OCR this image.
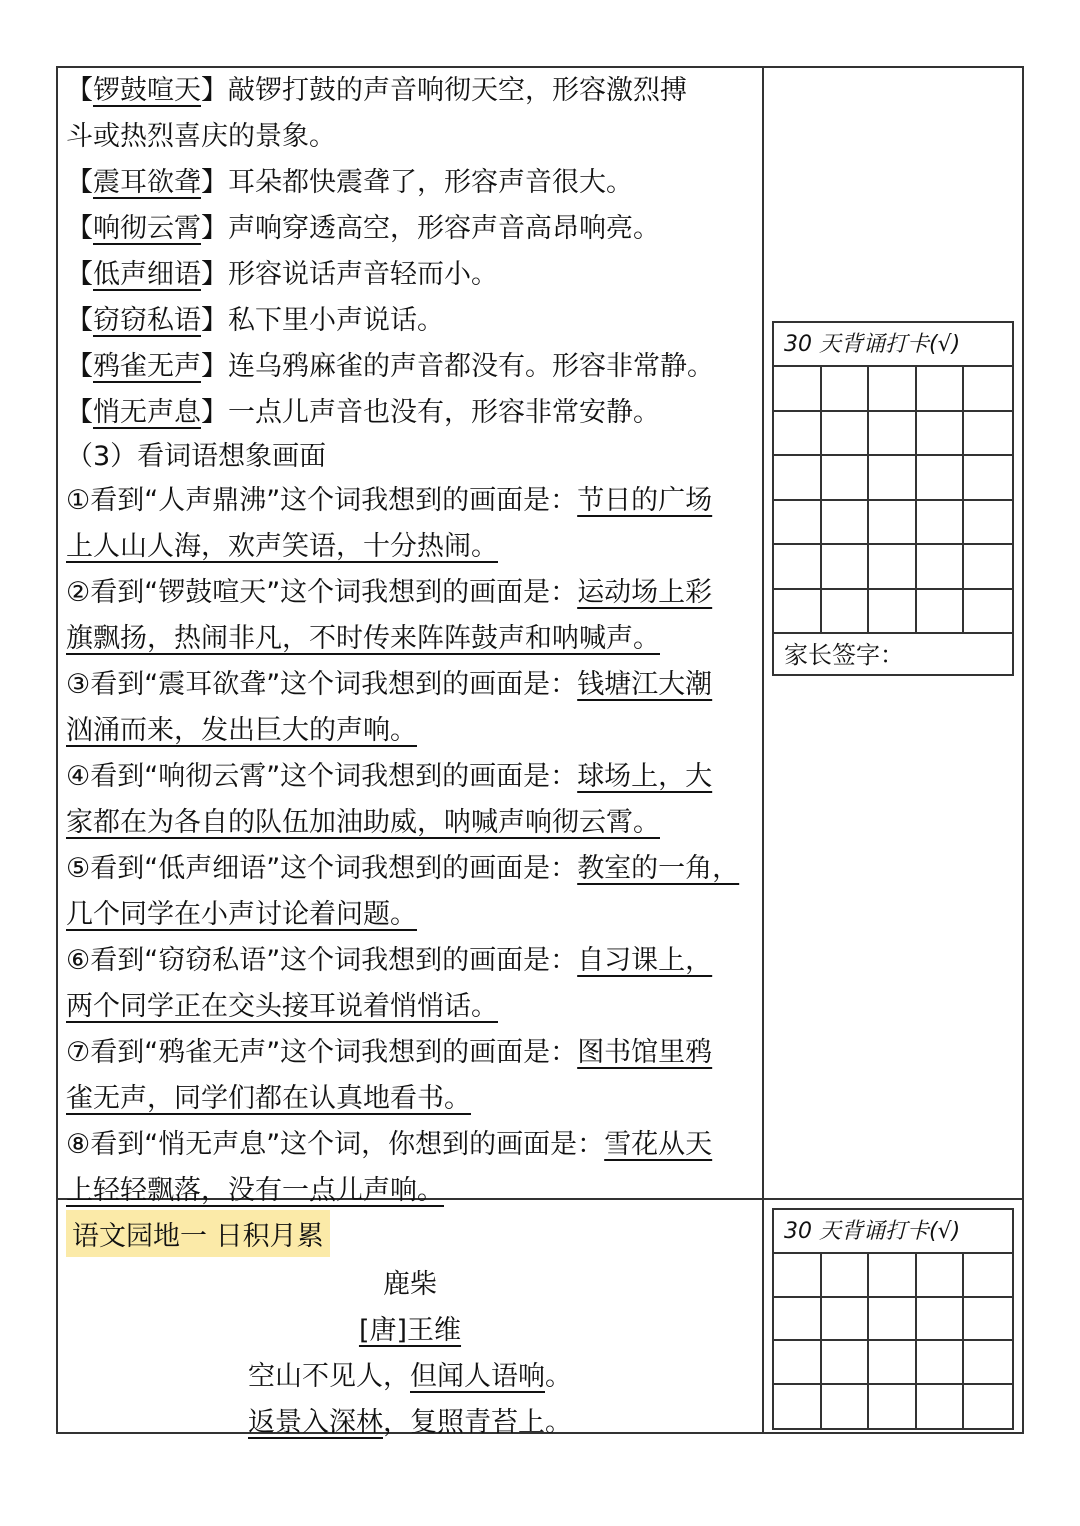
【锣鼓喧天】敲锣打鼓的声音响彻天空，形容激烈搏
斗或热烈喜庆的景象。
【震耳欲聋】耳朵都快震聋了，形容声音很大。
【响彻云霄】声响穿透高空，形容声音高昂响亮。
【低声细语】形容说话声音轻而小。
【窃窃私语】私下里小声说话。
【鸦雀无声】连乌鸦麻雀的声音都没有。形容非常静。
【悄无声息】一点儿声音也没有，形容非常安静。
（3）看词语想象画面
①看到“人声鼎沸”这个词我想到的画面是：节日的广场
上人山人海，欢声笑语，十分热闹。
②看到“锣鼓喧天”这个词我想到的画面是：运动场上彩
旗飘扬，热闹非凡，不时传来阵阵鼓声和呐喊声。
③看到“震耳欲聋”这个词我想到的画面是：钱塘江大潮
汹涌而来，发出巨大的声响。
④看到“响彻云霄”这个词我想到的画面是：球场上，大
家都在为各自的队伍加油助威，呐喊声响彻云霄。
⑤看到“低声细语”这个词我想到的画面是：教室的一角，
几个同学在小声讨论着问题。
⑥看到“窃窃私语”这个词我想到的画面是：自习课上，
两个同学正在交头接耳说着悄悄话。
⑦看到“鸦雀无声”这个词我想到的画面是：图书馆里鸦
雀无声，同学们都在认真地看书。
⑧看到“悄无声息”这个词，你想到的画面是：雪花从天
上轻轻飘落，没有一点儿声响。
语文园地一 日积月累
鹿柴
[唐]王维
空山不见人，但闻人语响。
返景入深林，复照青苔上。
30 天背诵打卡(√)
家长签字：
30 天背诵打卡(√)
